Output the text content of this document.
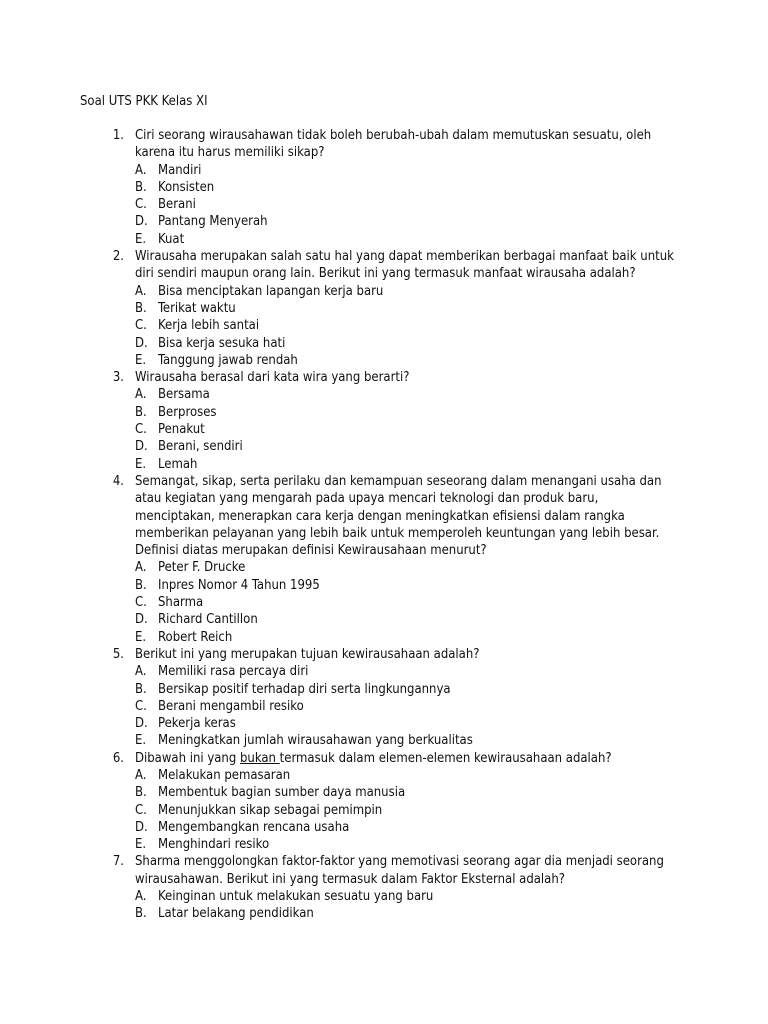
Soal UTS PKK Kelas XI
1. Ciri seorang wirausahawan tidak boleh berubah-ubah dalam memutuskan sesuatu, oleh karena itu harus memiliki sikap?
A. Mandiri
B. Konsisten
C. Berani
D. Pantang Menyerah
E. Kuat
2. Wirausaha merupakan salah satu hal yang dapat memberikan berbagai manfaat baik untuk diri sendiri maupun orang lain. Berikut ini yang termasuk manfaat wirausaha adalah?
A. Bisa menciptakan lapangan kerja baru
B. Terikat waktu
C. Kerja lebih santai
D. Bisa kerja sesuka hati
E. Tanggung jawab rendah
3. Wirausaha berasal dari kata wira yang berarti?
A. Bersama
B. Berproses
C. Penakut
D. Berani, sendiri
E. Lemah
4. Semangat, sikap, serta perilaku dan kemampuan seseorang dalam menangani usaha dan atau kegiatan yang mengarah pada upaya mencari teknologi dan produk baru, menciptakan, menerapkan cara kerja dengan meningkatkan efisiensi dalam rangka memberikan pelayanan yang lebih baik untuk memperoleh keuntungan yang lebih besar. Definisi diatas merupakan definisi Kewirausahaan menurut?
A. Peter F. Drucke
B. Inpres Nomor 4 Tahun 1995
C. Sharma
D. Richard Cantillon
E. Robert Reich
5. Berikut ini yang merupakan tujuan kewirausahaan adalah?
A. Memiliki rasa percaya diri
B. Bersikap positif terhadap diri serta lingkungannya
C. Berani mengambil resiko
D. Pekerja keras
E. Meningkatkan jumlah wirausahawan yang berkualitas
6. Dibawah ini yang bukan termasuk dalam elemen-elemen kewirausahaan adalah?
A. Melakukan pemasaran
B. Membentuk bagian sumber daya manusia
C. Menunjukkan sikap sebagai pemimpin
D. Mengembangkan rencana usaha
E. Menghindari resiko
7. Sharma menggolongkan faktor-faktor yang memotivasi seorang agar dia menjadi seorang wirausahawan. Berikut ini yang termasuk dalam Faktor Eksternal adalah?
A. Keinginan untuk melakukan sesuatu yang baru
B. Latar belakang pendidikan
